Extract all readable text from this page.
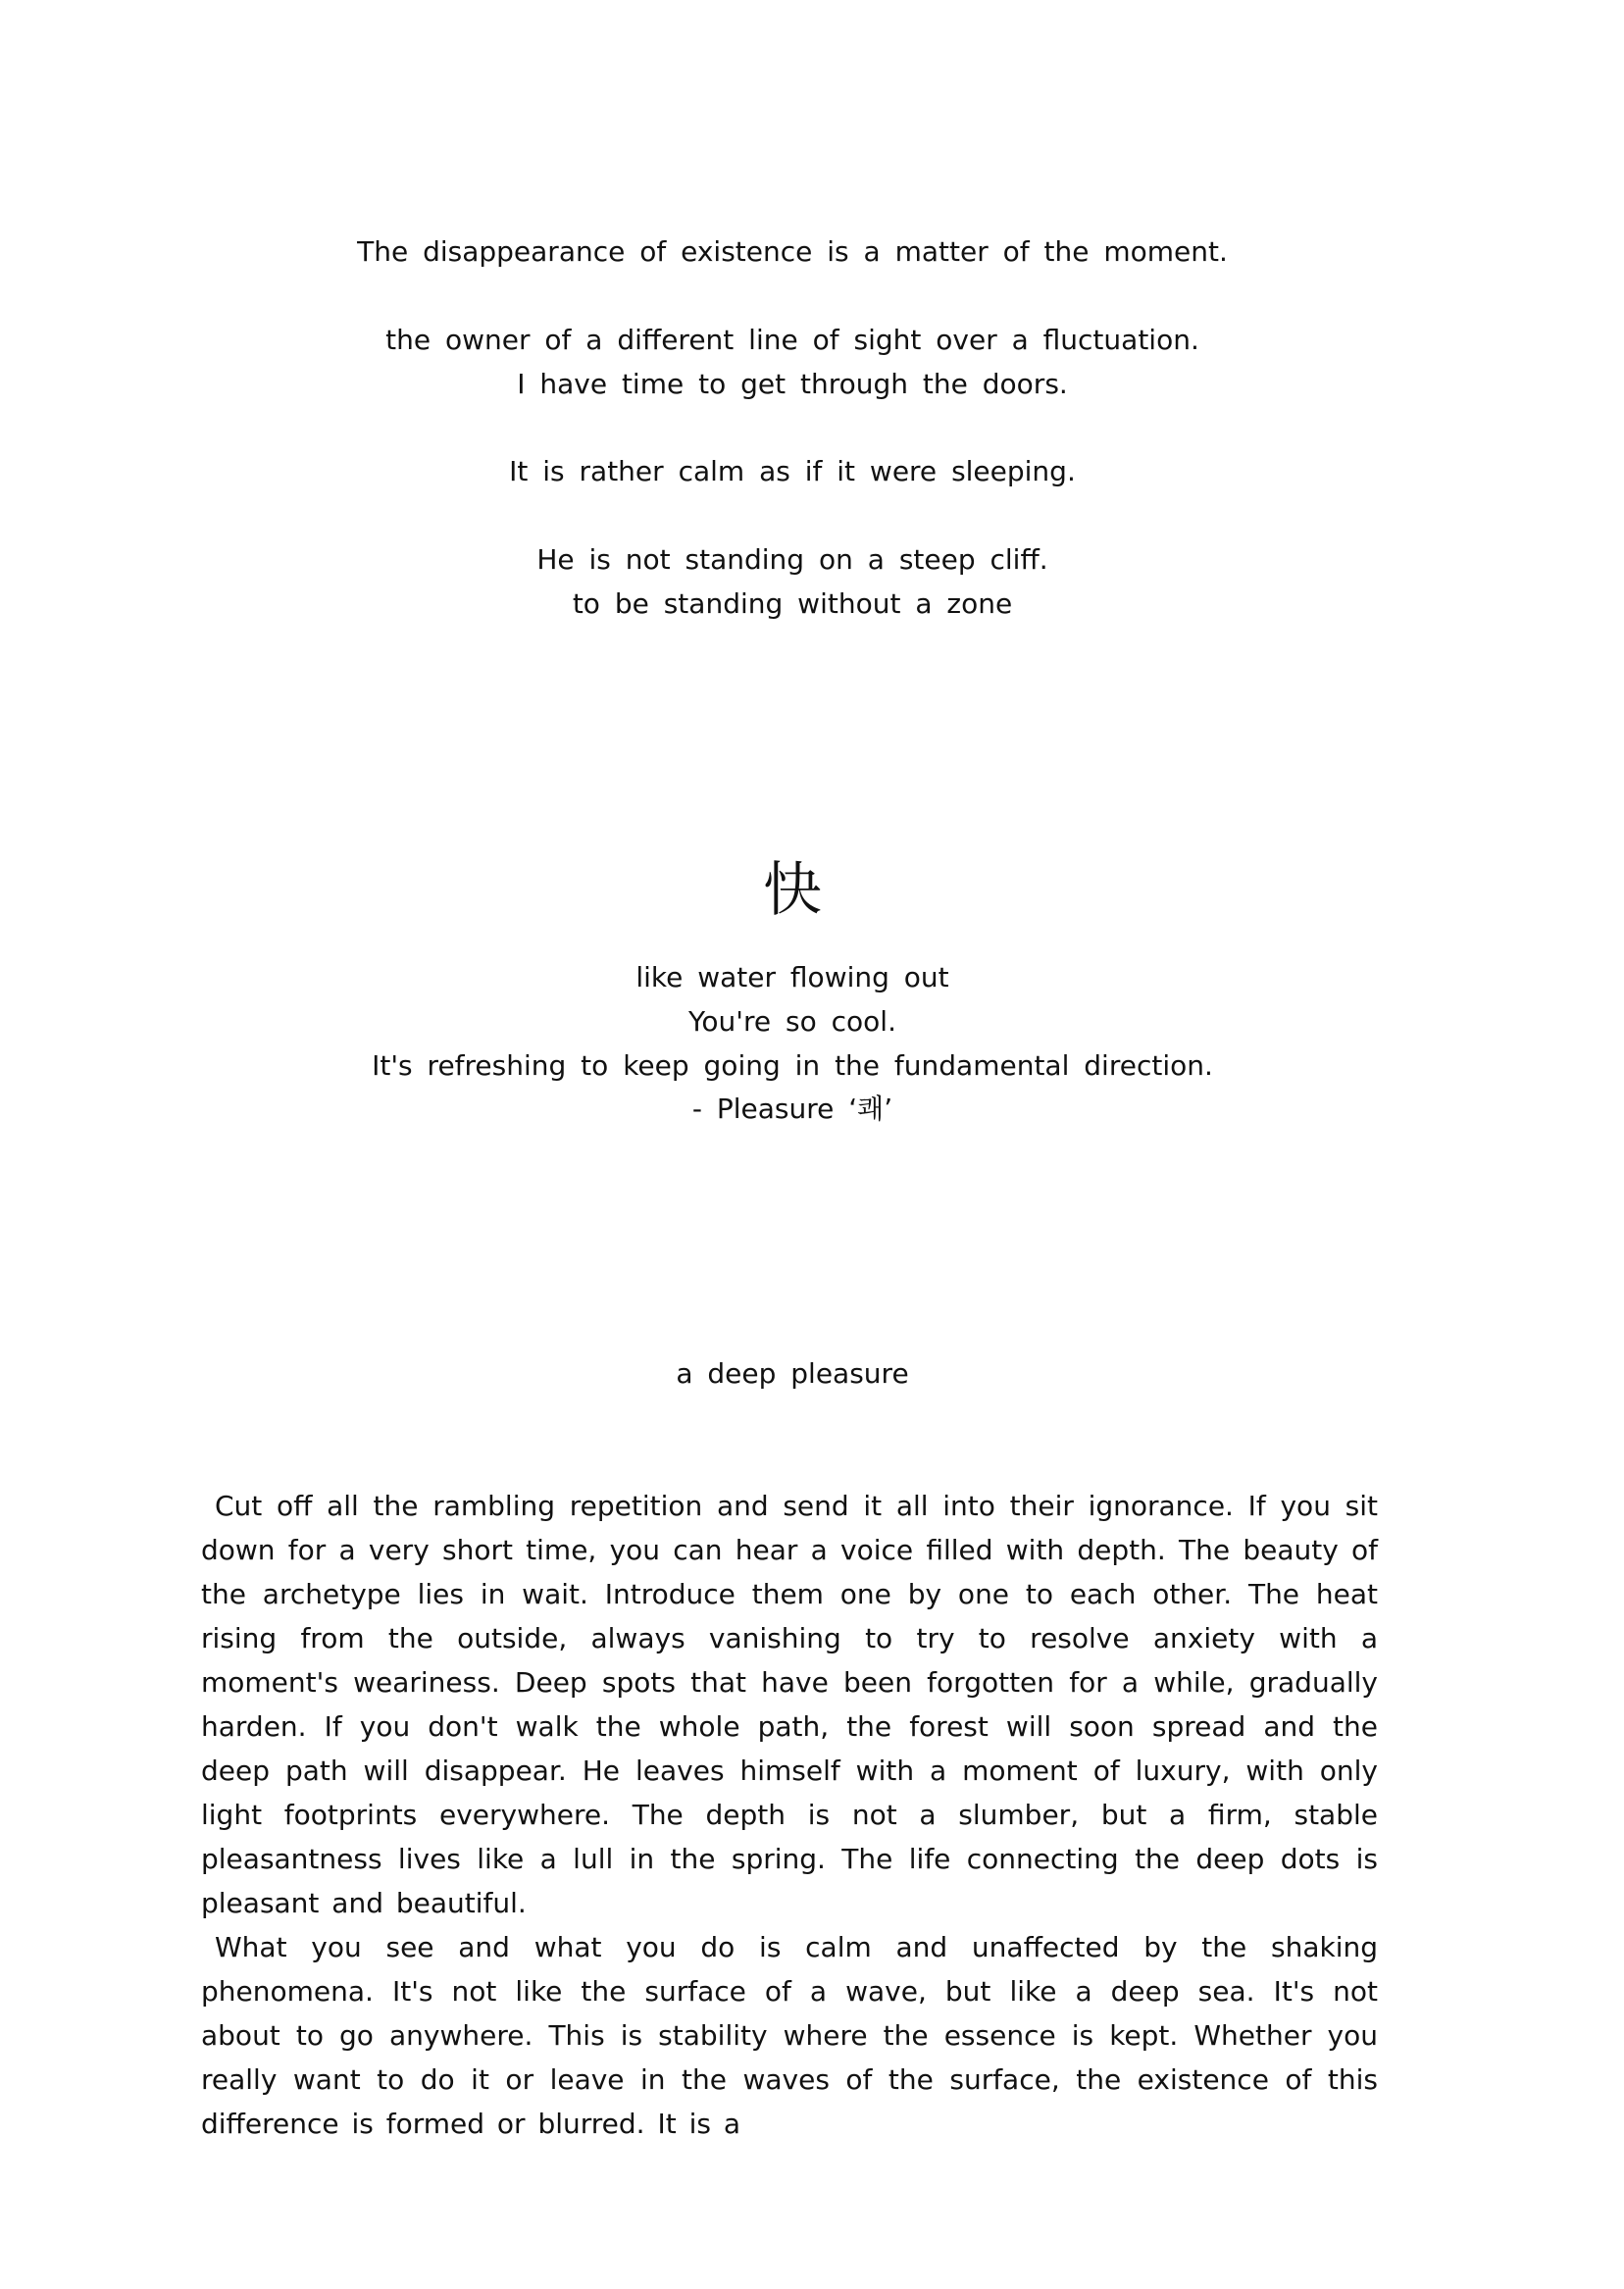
The disappearance of existence is a matter of the moment.
the owner of a different line of sight over a fluctuation.
I have time to get through the doors.
It is rather calm as if it were sleeping.
He is not standing on a steep cliff.
to be standing without a zone
快
like water flowing out
You're so cool.
It's refreshing to keep going in the fundamental direction.
- Pleasure ‘쾌’
a deep pleasure

Cut off all the rambling repetition and send it all into their ignorance. If you sit down for a very short time, you can hear a voice filled with depth. The beauty of the archetype lies in wait. Introduce them one by one to each other. The heat rising from the outside, always vanishing to try to resolve anxiety with a moment's weariness. Deep spots that have been forgotten for a while, gradually harden. If you don't walk the whole path, the forest will soon spread and the deep path will disappear. He leaves himself with a moment of luxury, with only light footprints everywhere. The depth is not a slumber, but a firm, stable pleasantness lives like a lull in the spring. The life connecting the deep dots is pleasant and beautiful.

What you see and what you do is calm and unaffected by the shaking phenomena. It's not like the surface of a wave, but like a deep sea. It's not about to go anywhere. This is stability where the essence is kept. Whether you really want to do it or leave in the waves of the surface, the existence of this difference is formed or blurred. It is a
